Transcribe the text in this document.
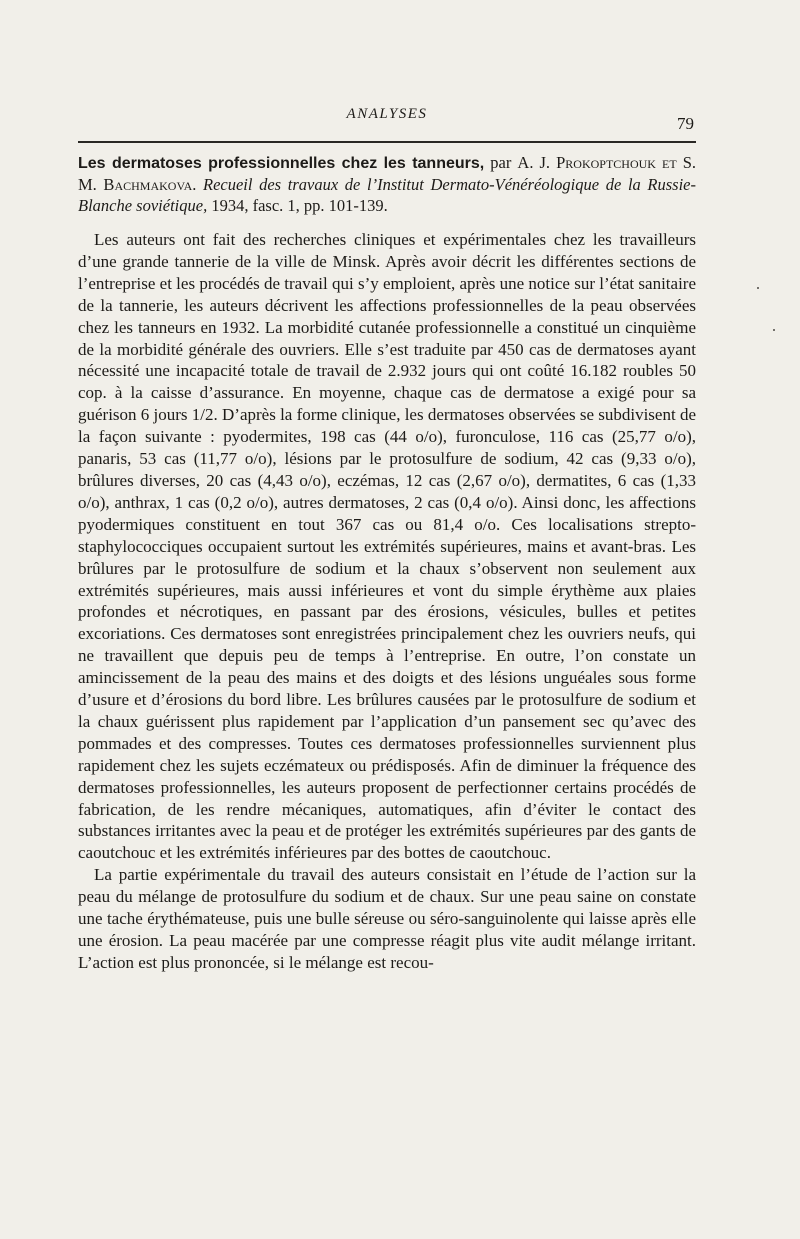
ANALYSES	79

Les dermatoses professionnelles chez les tanneurs, par A. J. Prokoptchouk et S. M. Bachmakova. Recueil des travaux de l’Institut Dermato-Vénéréologique de la Russie-Blanche soviétique, 1934, fasc. 1, pp. 101-139.

Les auteurs ont fait des recherches cliniques et expérimentales chez les travailleurs d’une grande tannerie de la ville de Minsk. Après avoir décrit les différentes sections de l’entreprise et les procédés de travail qui s’y emploient, après une notice sur l’état sanitaire de la tannerie, les auteurs décrivent les affections professionnelles de la peau observées chez les tanneurs en 1932. La morbidité cutanée professionnelle a constitué un cinquième de la morbidité générale des ouvriers. Elle s’est traduite par 450 cas de dermatoses ayant nécessité une incapacité totale de travail de 2.932 jours qui ont coûté 16.182 roubles 50 cop. à la caisse d’assurance. En moyenne, chaque cas de dermatose a exigé pour sa guérison 6 jours 1/2. D’après la forme clinique, les dermatoses observées se subdivisent de la façon suivante : pyodermites, 198 cas (44 o/o), furonculose, 116 cas (25,77 o/o), panaris, 53 cas (11,77 o/o), lésions par le protosulfure de sodium, 42 cas (9,33 o/o), brûlures diverses, 20 cas (4,43 o/o), eczémas, 12 cas (2,67 o/o), dermatites, 6 cas (1,33 o/o), anthrax, 1 cas (0,2 o/o), autres dermatoses, 2 cas (0,4 o/o). Ainsi donc, les affections pyodermiques constituent en tout 367 cas ou 81,4 o/o. Ces localisations strepto-staphylococciques occupaient surtout les extrémités supérieures, mains et avant-bras. Les brûlures par le protosulfure de sodium et la chaux s’observent non seulement aux extrémités supérieures, mais aussi inférieures et vont du simple érythème aux plaies profondes et nécrotiques, en passant par des érosions, vésicules, bulles et petites excoriations. Ces dermatoses sont enregistrées principalement chez les ouvriers neufs, qui ne travaillent que depuis peu de temps à l’entreprise. En outre, l’on constate un amincissement de la peau des mains et des doigts et des lésions unguéales sous forme d’usure et d’érosions du bord libre. Les brûlures causées par le protosulfure de sodium et la chaux guérissent plus rapidement par l’application d’un pansement sec qu’avec des pommades et des compresses. Toutes ces dermatoses professionnelles surviennent plus rapidement chez les sujets eczémateux ou prédisposés. Afin de diminuer la fréquence des dermatoses professionnelles, les auteurs proposent de perfectionner certains procédés de fabrication, de les rendre mécaniques, automatiques, afin d’éviter le contact des substances irritantes avec la peau et de protéger les extrémités supérieures par des gants de caoutchouc et les extrémités inférieures par des bottes de caoutchouc.

La partie expérimentale du travail des auteurs consistait en l’étude de l’action sur la peau du mélange de protosulfure du sodium et de chaux. Sur une peau saine on constate une tache érythémateuse, puis une bulle séreuse ou séro-sanguinolente qui laisse après elle une érosion. La peau macérée par une compresse réagit plus vite audit mélange irritant. L’action est plus prononcée, si le mélange est recou-
